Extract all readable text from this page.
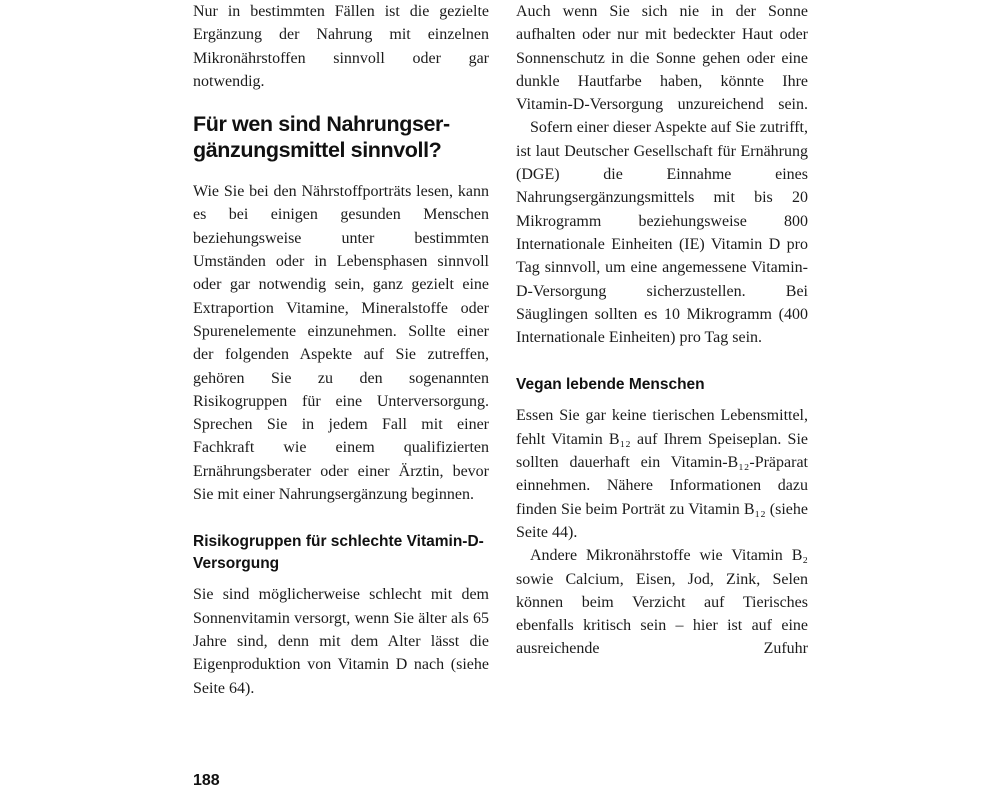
Nur in bestimmten Fällen ist die gezielte Ergänzung der Nahrung mit einzelnen Mikronährstoffen sinnvoll oder gar notwendig.

Für wen sind Nahrungser-
gänzungsmittel sinnvoll?

Wie Sie bei den Nährstoffporträts lesen, kann es bei einigen gesunden Menschen beziehungsweise unter bestimmten Umständen oder in Lebensphasen sinnvoll oder gar notwendig sein, ganz gezielt eine Extraportion Vitamine, Mineralstoffe oder Spurenelemente einzunehmen. Sollte einer der folgenden Aspekte auf Sie zutreffen, gehören Sie zu den sogenannten Risikogruppen für eine Unterversorgung. Sprechen Sie in jedem Fall mit einer Fachkraft wie einem qualifizierten Ernährungsberater oder einer Ärztin, bevor Sie mit einer Nahrungsergänzung beginnen.

Risikogruppen für schlechte Vitamin-D-Versorgung

Sie sind möglicherweise schlecht mit dem Sonnenvitamin versorgt, wenn Sie älter als 65 Jahre sind, denn mit dem Alter lässt die Eigenproduktion von Vitamin D nach (siehe Seite 64).

Auch wenn Sie sich nie in der Sonne aufhalten oder nur mit bedeckter Haut oder Sonnenschutz in die Sonne gehen oder eine dunkle Hautfarbe haben, könnte Ihre Vitamin-D-Versorgung unzureichend sein.

Sofern einer dieser Aspekte auf Sie zutrifft, ist laut Deutscher Gesellschaft für Ernährung (DGE) die Einnahme eines Nahrungsergänzungsmittels mit bis 20 Mikrogramm beziehungsweise 800 Internationale Einheiten (IE) Vitamin D pro Tag sinnvoll, um eine angemessene Vitamin-D-Versorgung sicherzustellen. Bei Säuglingen sollten es 10 Mikrogramm (400 Internationale Einheiten) pro Tag sein.

Vegan lebende Menschen

Essen Sie gar keine tierischen Lebensmittel, fehlt Vitamin B₁₂ auf Ihrem Speiseplan. Sie sollten dauerhaft ein Vitamin-B₁₂-Präparat einnehmen. Nähere Informationen dazu finden Sie beim Porträt zu Vitamin B₁₂ (siehe Seite 44).

Andere Mikronährstoffe wie Vitamin B₂ sowie Calcium, Eisen, Jod, Zink, Selen können beim Verzicht auf Tierisches ebenfalls kritisch sein – hier ist auf eine ausreichende Zufuhr

188
